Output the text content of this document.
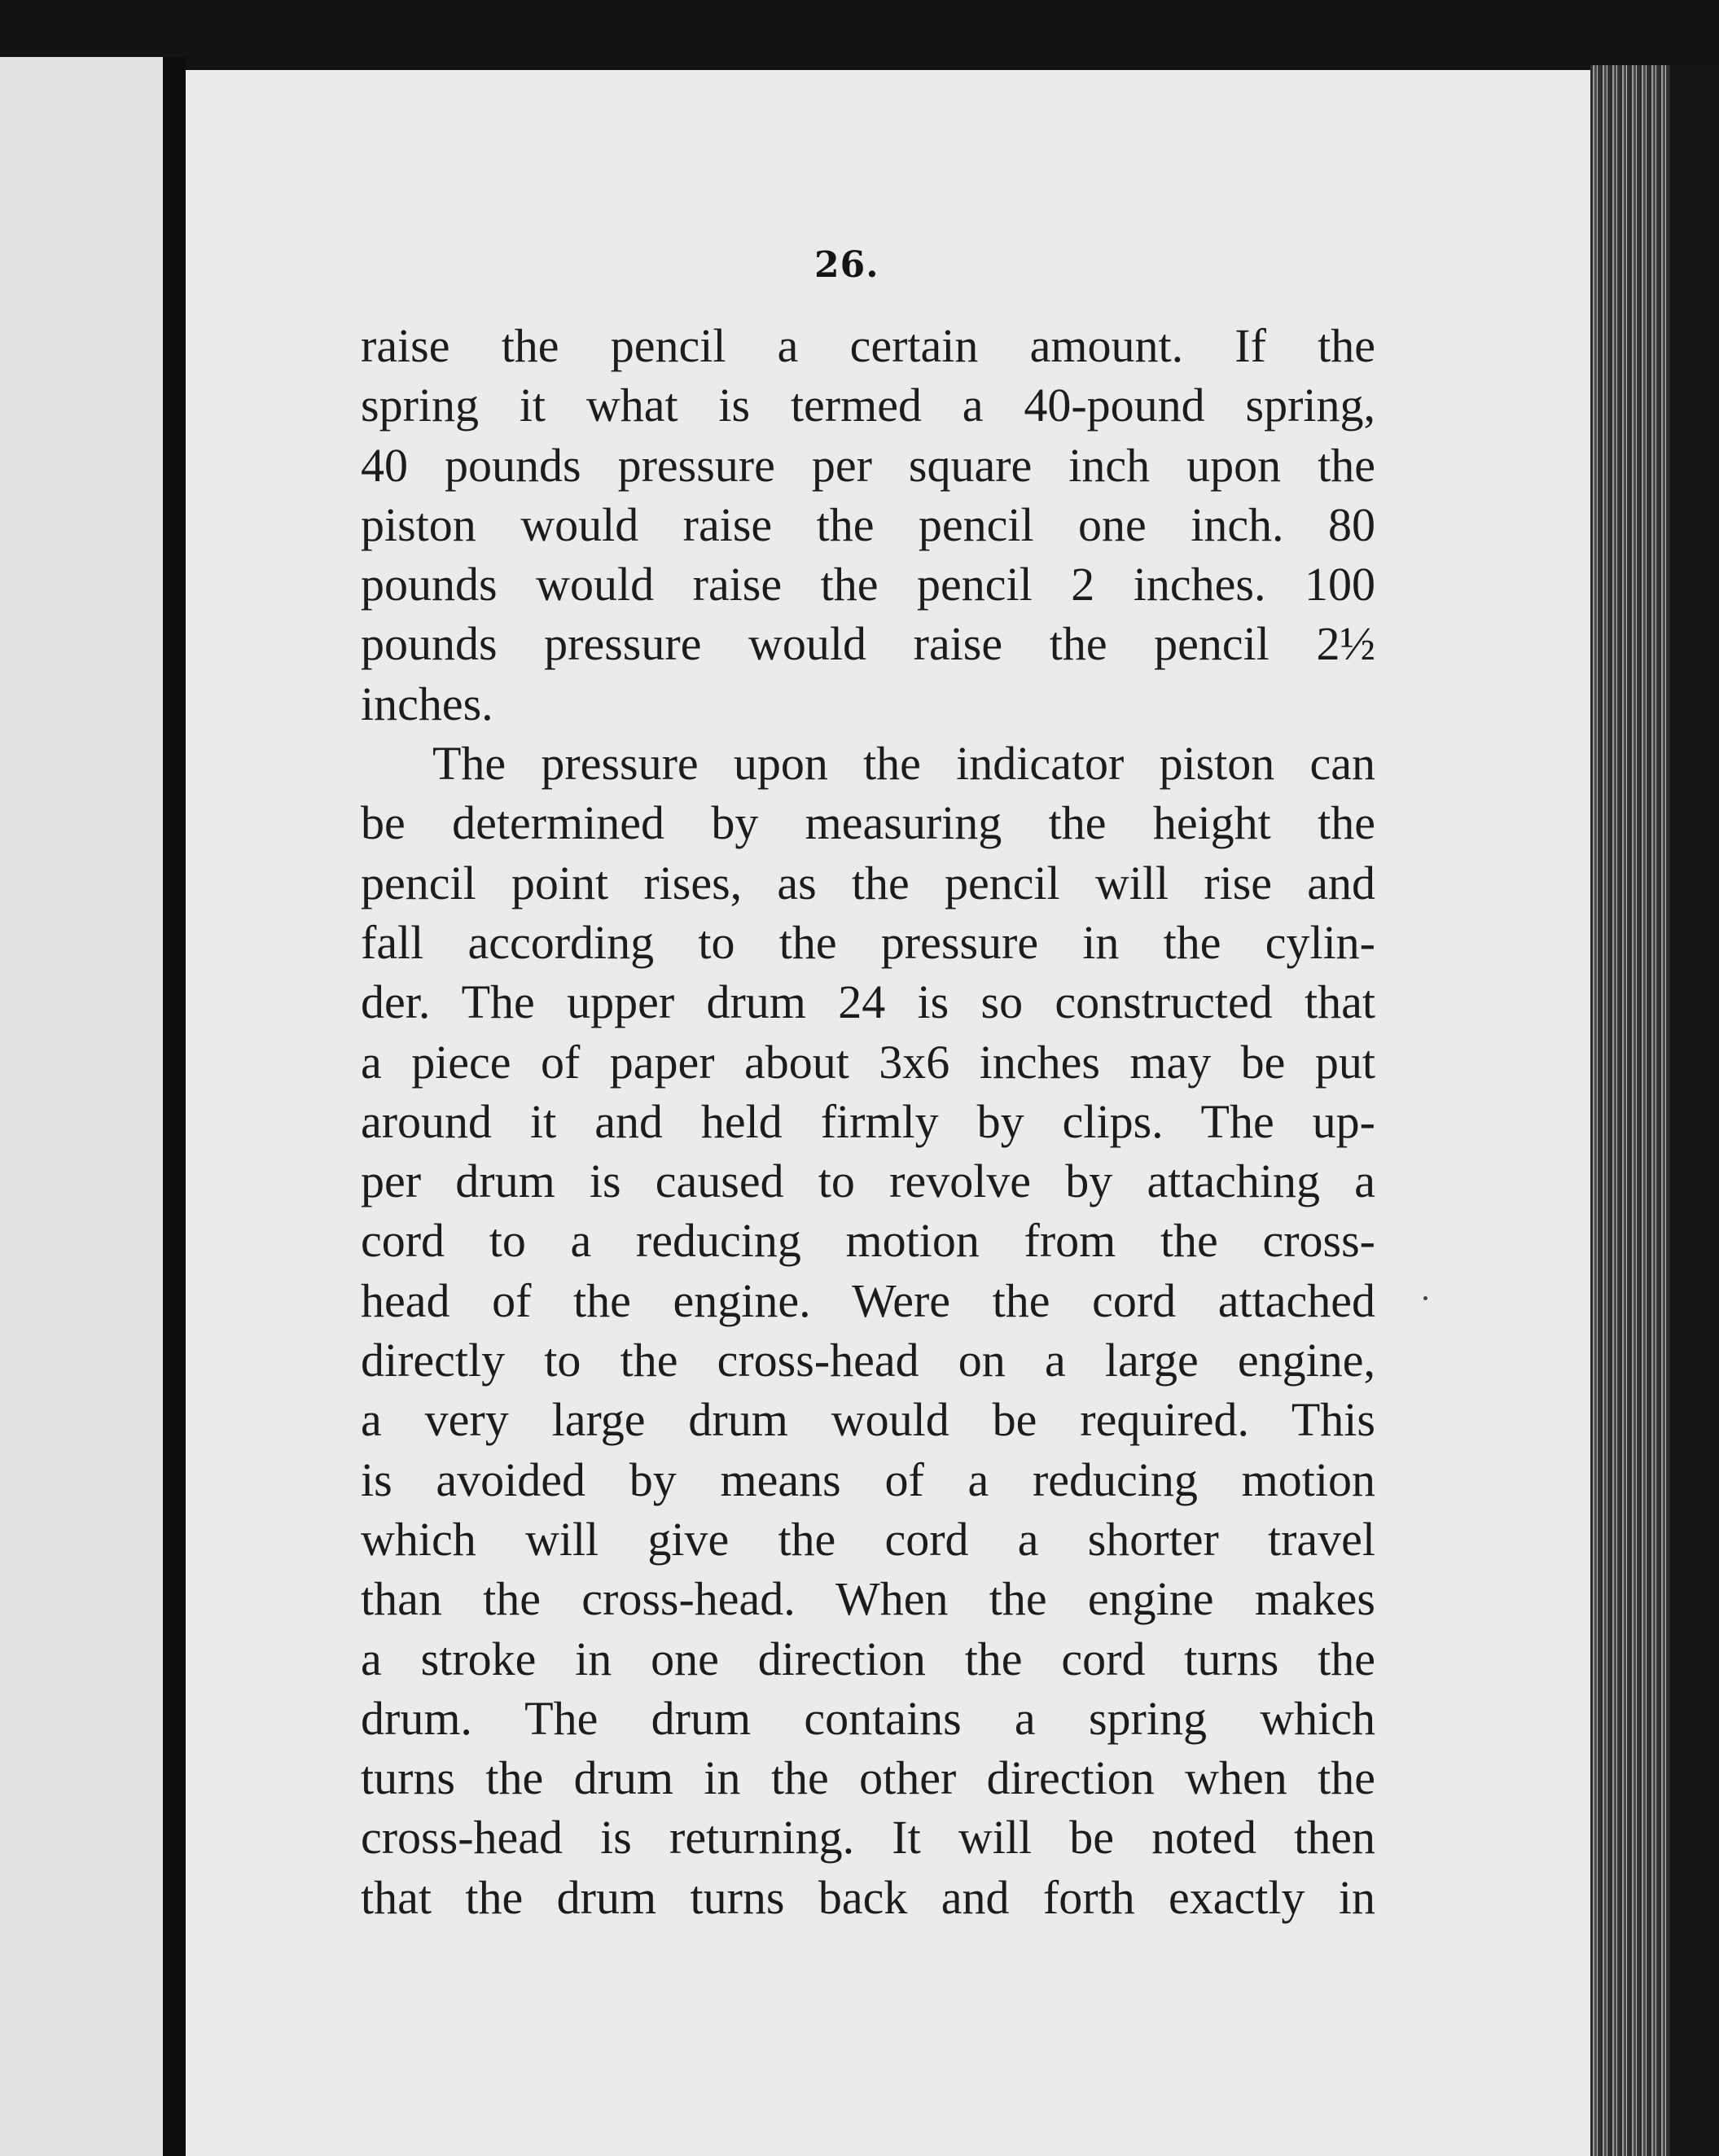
26.
raise the pencil a certain amount. If the
spring it what is termed a 40-pound spring,
40 pounds pressure per square inch upon the
piston would raise the pencil one inch. 80
pounds would raise the pencil 2 inches. 100
pounds pressure would raise the pencil 2½
inches.
The pressure upon the indicator piston can
be determined by measuring the height the
pencil point rises, as the pencil will rise and
fall according to the pressure in the cylin-
der. The upper drum 24 is so constructed that
a piece of paper about 3x6 inches may be put
around it and held firmly by clips. The up-
per drum is caused to revolve by attaching a
cord to a reducing motion from the cross-
head of the engine. Were the cord attached
directly to the cross-head on a large engine,
a very large drum would be required. This
is avoided by means of a reducing motion
which will give the cord a shorter travel
than the cross-head. When the engine makes
a stroke in one direction the cord turns the
drum. The drum contains a spring which
turns the drum in the other direction when the
cross-head is returning. It will be noted then
that the drum turns back and forth exactly in
